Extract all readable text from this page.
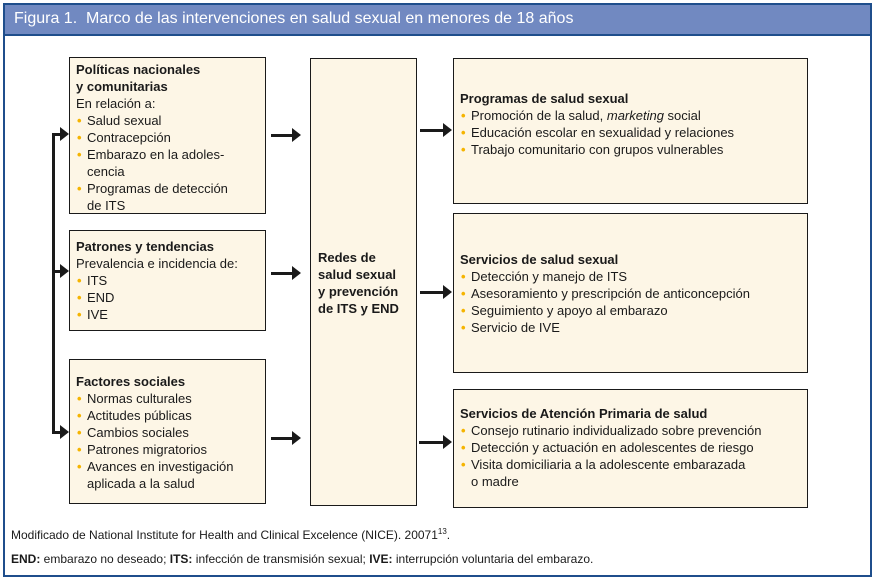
Figura 1. Marco de las intervenciones en salud sexual en menores de 18 años
Políticas nacionales
y comunitarias
En relación a:
• Salud sexual
• Contracepción
• Embarazo en la adoles-
cencia
• Programas de detección
de ITS
Patrones y tendencias
Prevalencia e incidencia de:
• ITS
• END
• IVE
Factores sociales
• Normas culturales
• Actitudes públicas
• Cambios sociales
• Patrones migratorios
• Avances en investigación
aplicada a la salud
Redes de
salud sexual
y prevención
de ITS y END
Programas de salud sexual
• Promoción de la salud, marketing social
• Educación escolar en sexualidad y relaciones
• Trabajo comunitario con grupos vulnerables
Servicios de salud sexual
• Detección y manejo de ITS
• Asesoramiento y prescripción de anticoncepción
• Seguimiento y apoyo al embarazo
• Servicio de IVE
Servicios de Atención Primaria de salud
• Consejo rutinario individualizado sobre prevención
• Detección y actuación en adolescentes de riesgo
• Visita domiciliaria a la adolescente embarazada
o madre
Modificado de National Institute for Health and Clinical Excelence (NICE). 20071$^{13}$.
END: embarazo no deseado; ITS: infección de transmisión sexual; IVE: interrupción voluntaria del embarazo.
